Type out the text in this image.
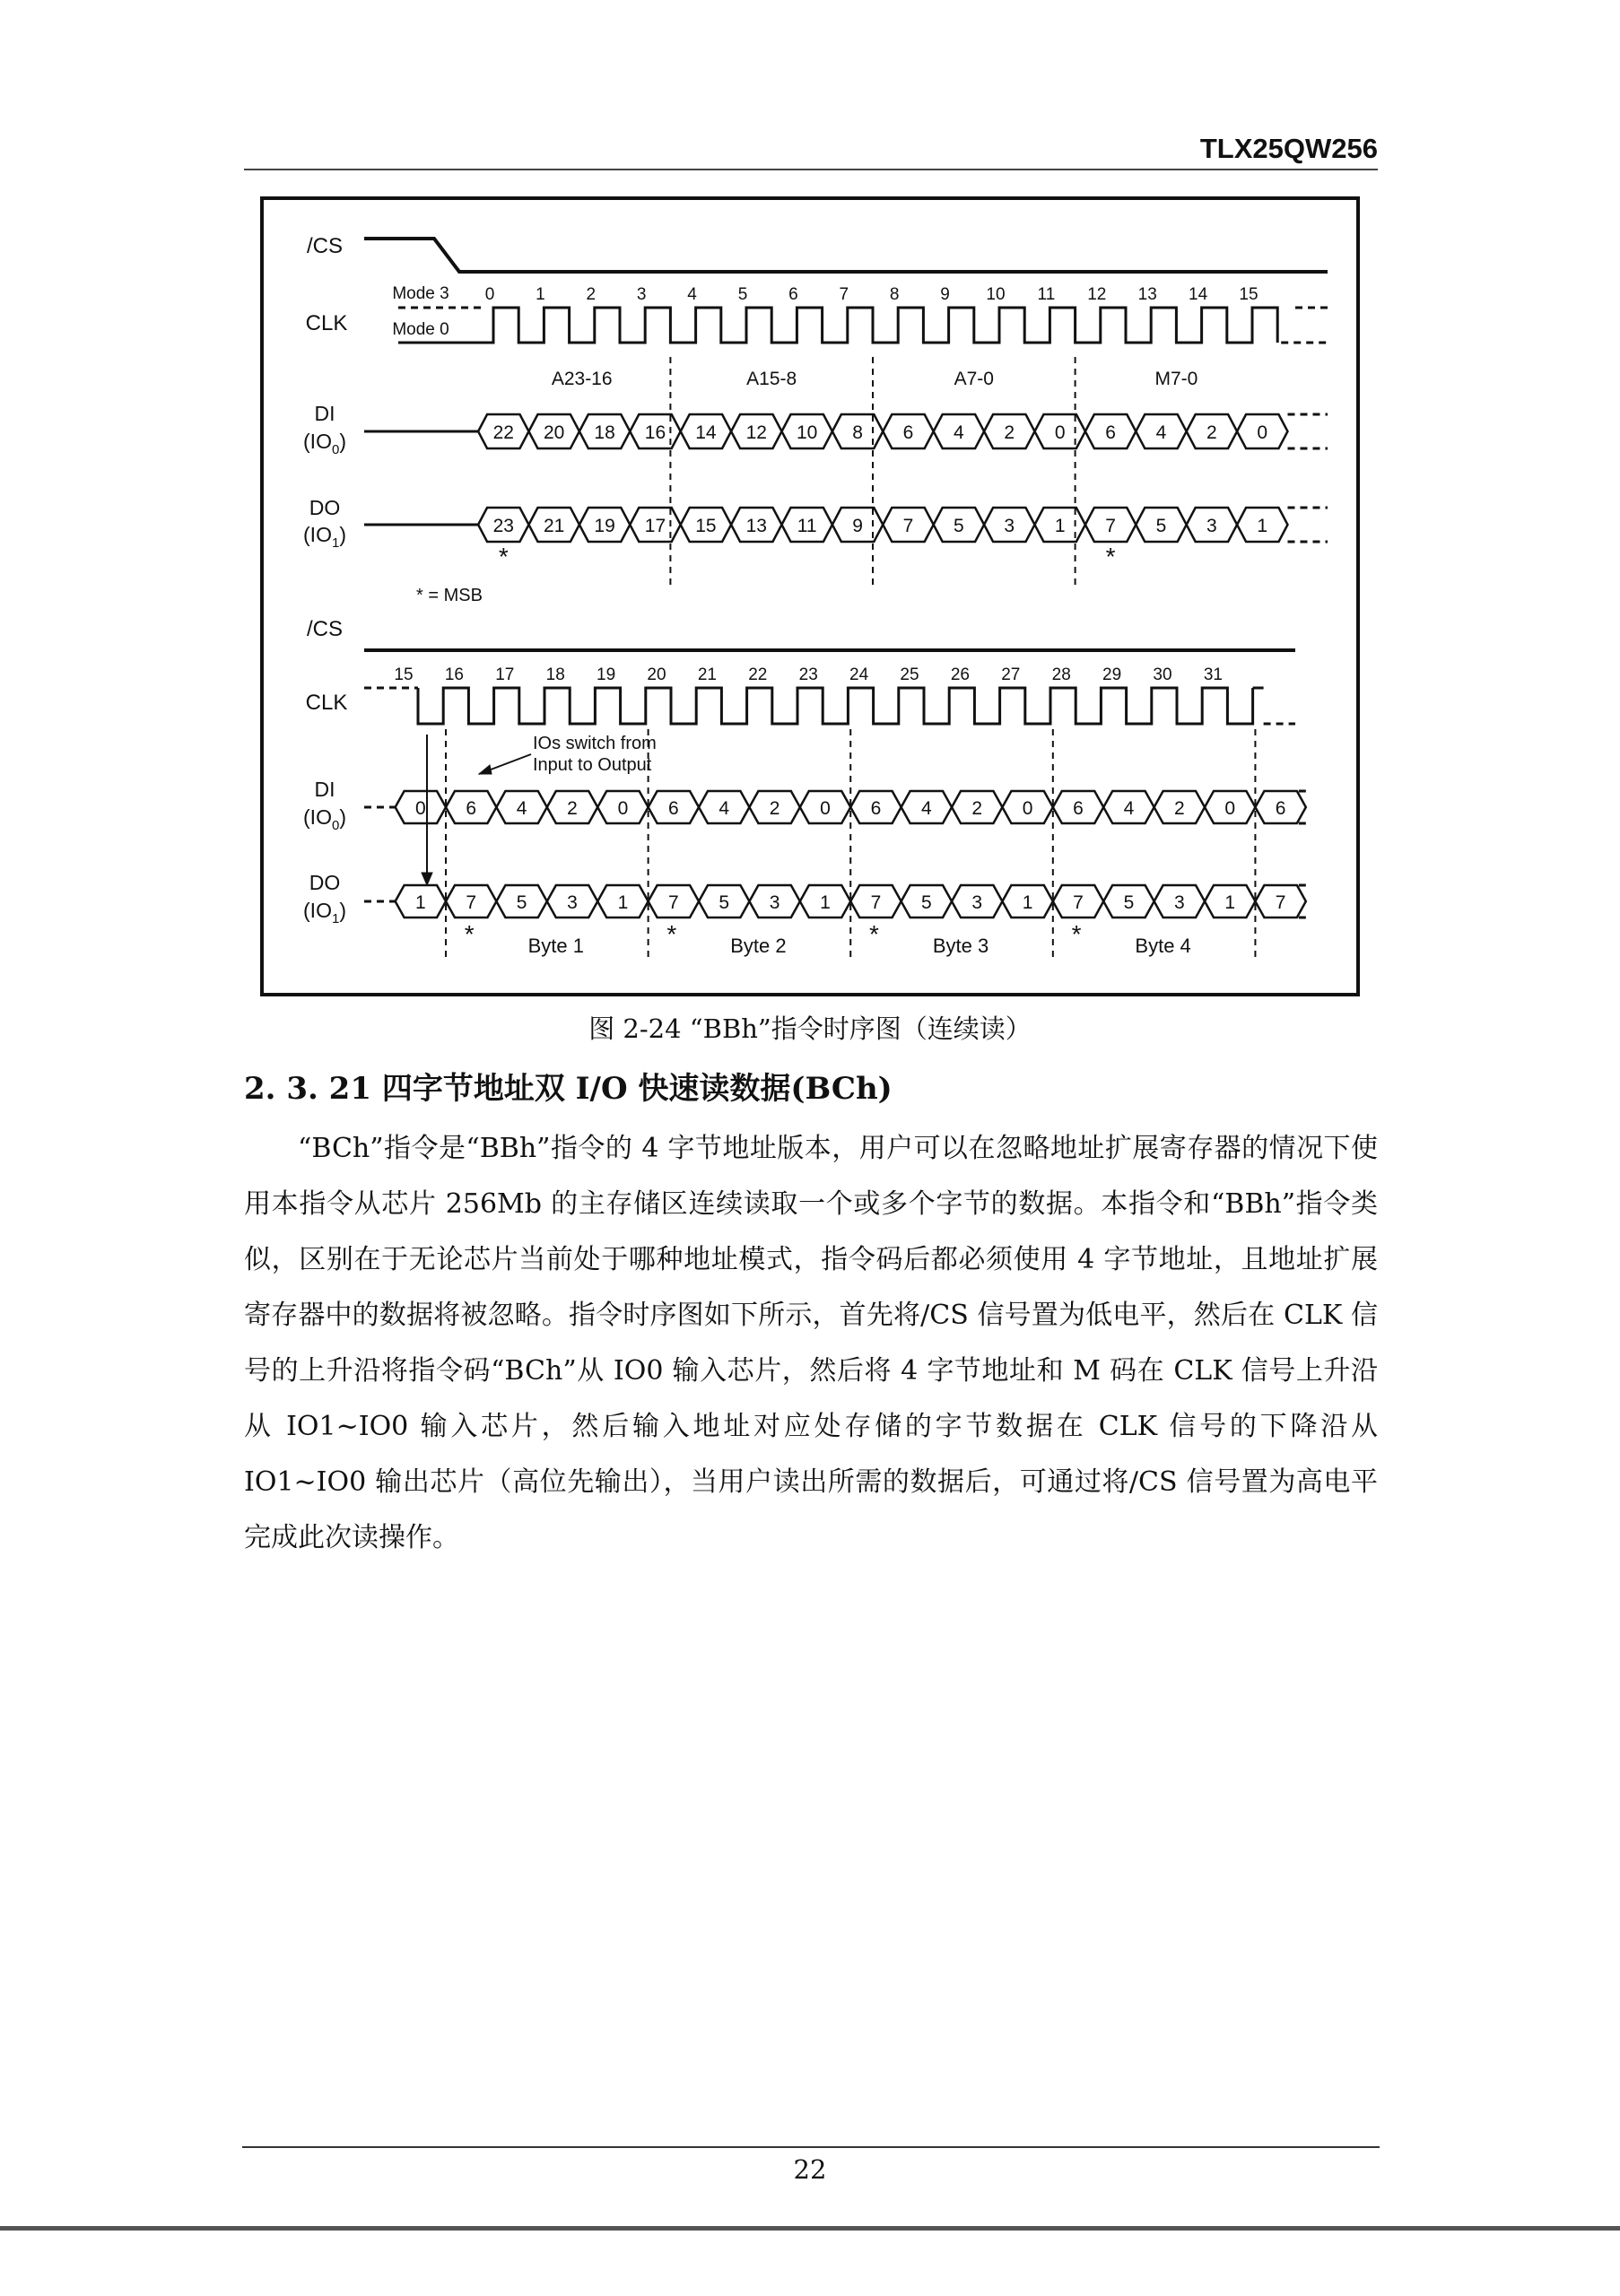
TLX25QW256
/CS
CLK
Mode 3
Mode 0
0 1 2 3 4 5 6 7 8 9 10 11 12 13 14 15
A23-16	A15-8	A7-0	M7-0
DI
$(IO_0)$	22 20 18 16 14 12 10 8 6 4 2 0 6 4 2 0
DO
$(IO_1)$	23 21 19 17 15 13 11 9 7 5 3 1 7 5 3 1
*	*
* = MSB
/CS
CLK
15 16 17 18 19 20 21 22 23 24 25 26 27 28 29 30 31
IOs switch from
Input to Output
DI
$(IO_0)$	0 6 4 2 0 6 4 2 0 6 4 2 0 6 4 2 0 6
DO
$(IO_1)$	1 7 5 3 1 7 5 3 1 7 5 3 1 7 5 3 1 7
*	Byte 1	*	Byte 2	*	Byte 3	*	Byte 4
图 2-24 “BBh”指令时序图（连续读）
2. 3. 21 四字节地址双 I/O 快速读数据(BCh)

“BCh”指令是“BBh”指令的 4 字节地址版本，用户可以在忽略地址扩展寄存器的情况下使用本指令从芯片 256Mb 的主存储区连续读取一个或多个字节的数据。本指令和“BBh”指令类似，区别在于无论芯片当前处于哪种地址模式，指令码后都必须使用 4 字节地址，且地址扩展寄存器中的数据将被忽略。指令时序图如下所示，首先将/CS 信号置为低电平，然后在 CLK 信号的上升沿将指令码“BCh”从 IO0 输入芯片，然后将 4 字节地址和 M 码在 CLK 信号上升沿从 IO1~IO0 输入芯片，然后输入地址对应处存储的字节数据在 CLK 信号的下降沿从 IO1~IO0 输出芯片（高位先输出），当用户读出所需的数据后，可通过将/CS 信号置为高电平完成此次读操作。

22
